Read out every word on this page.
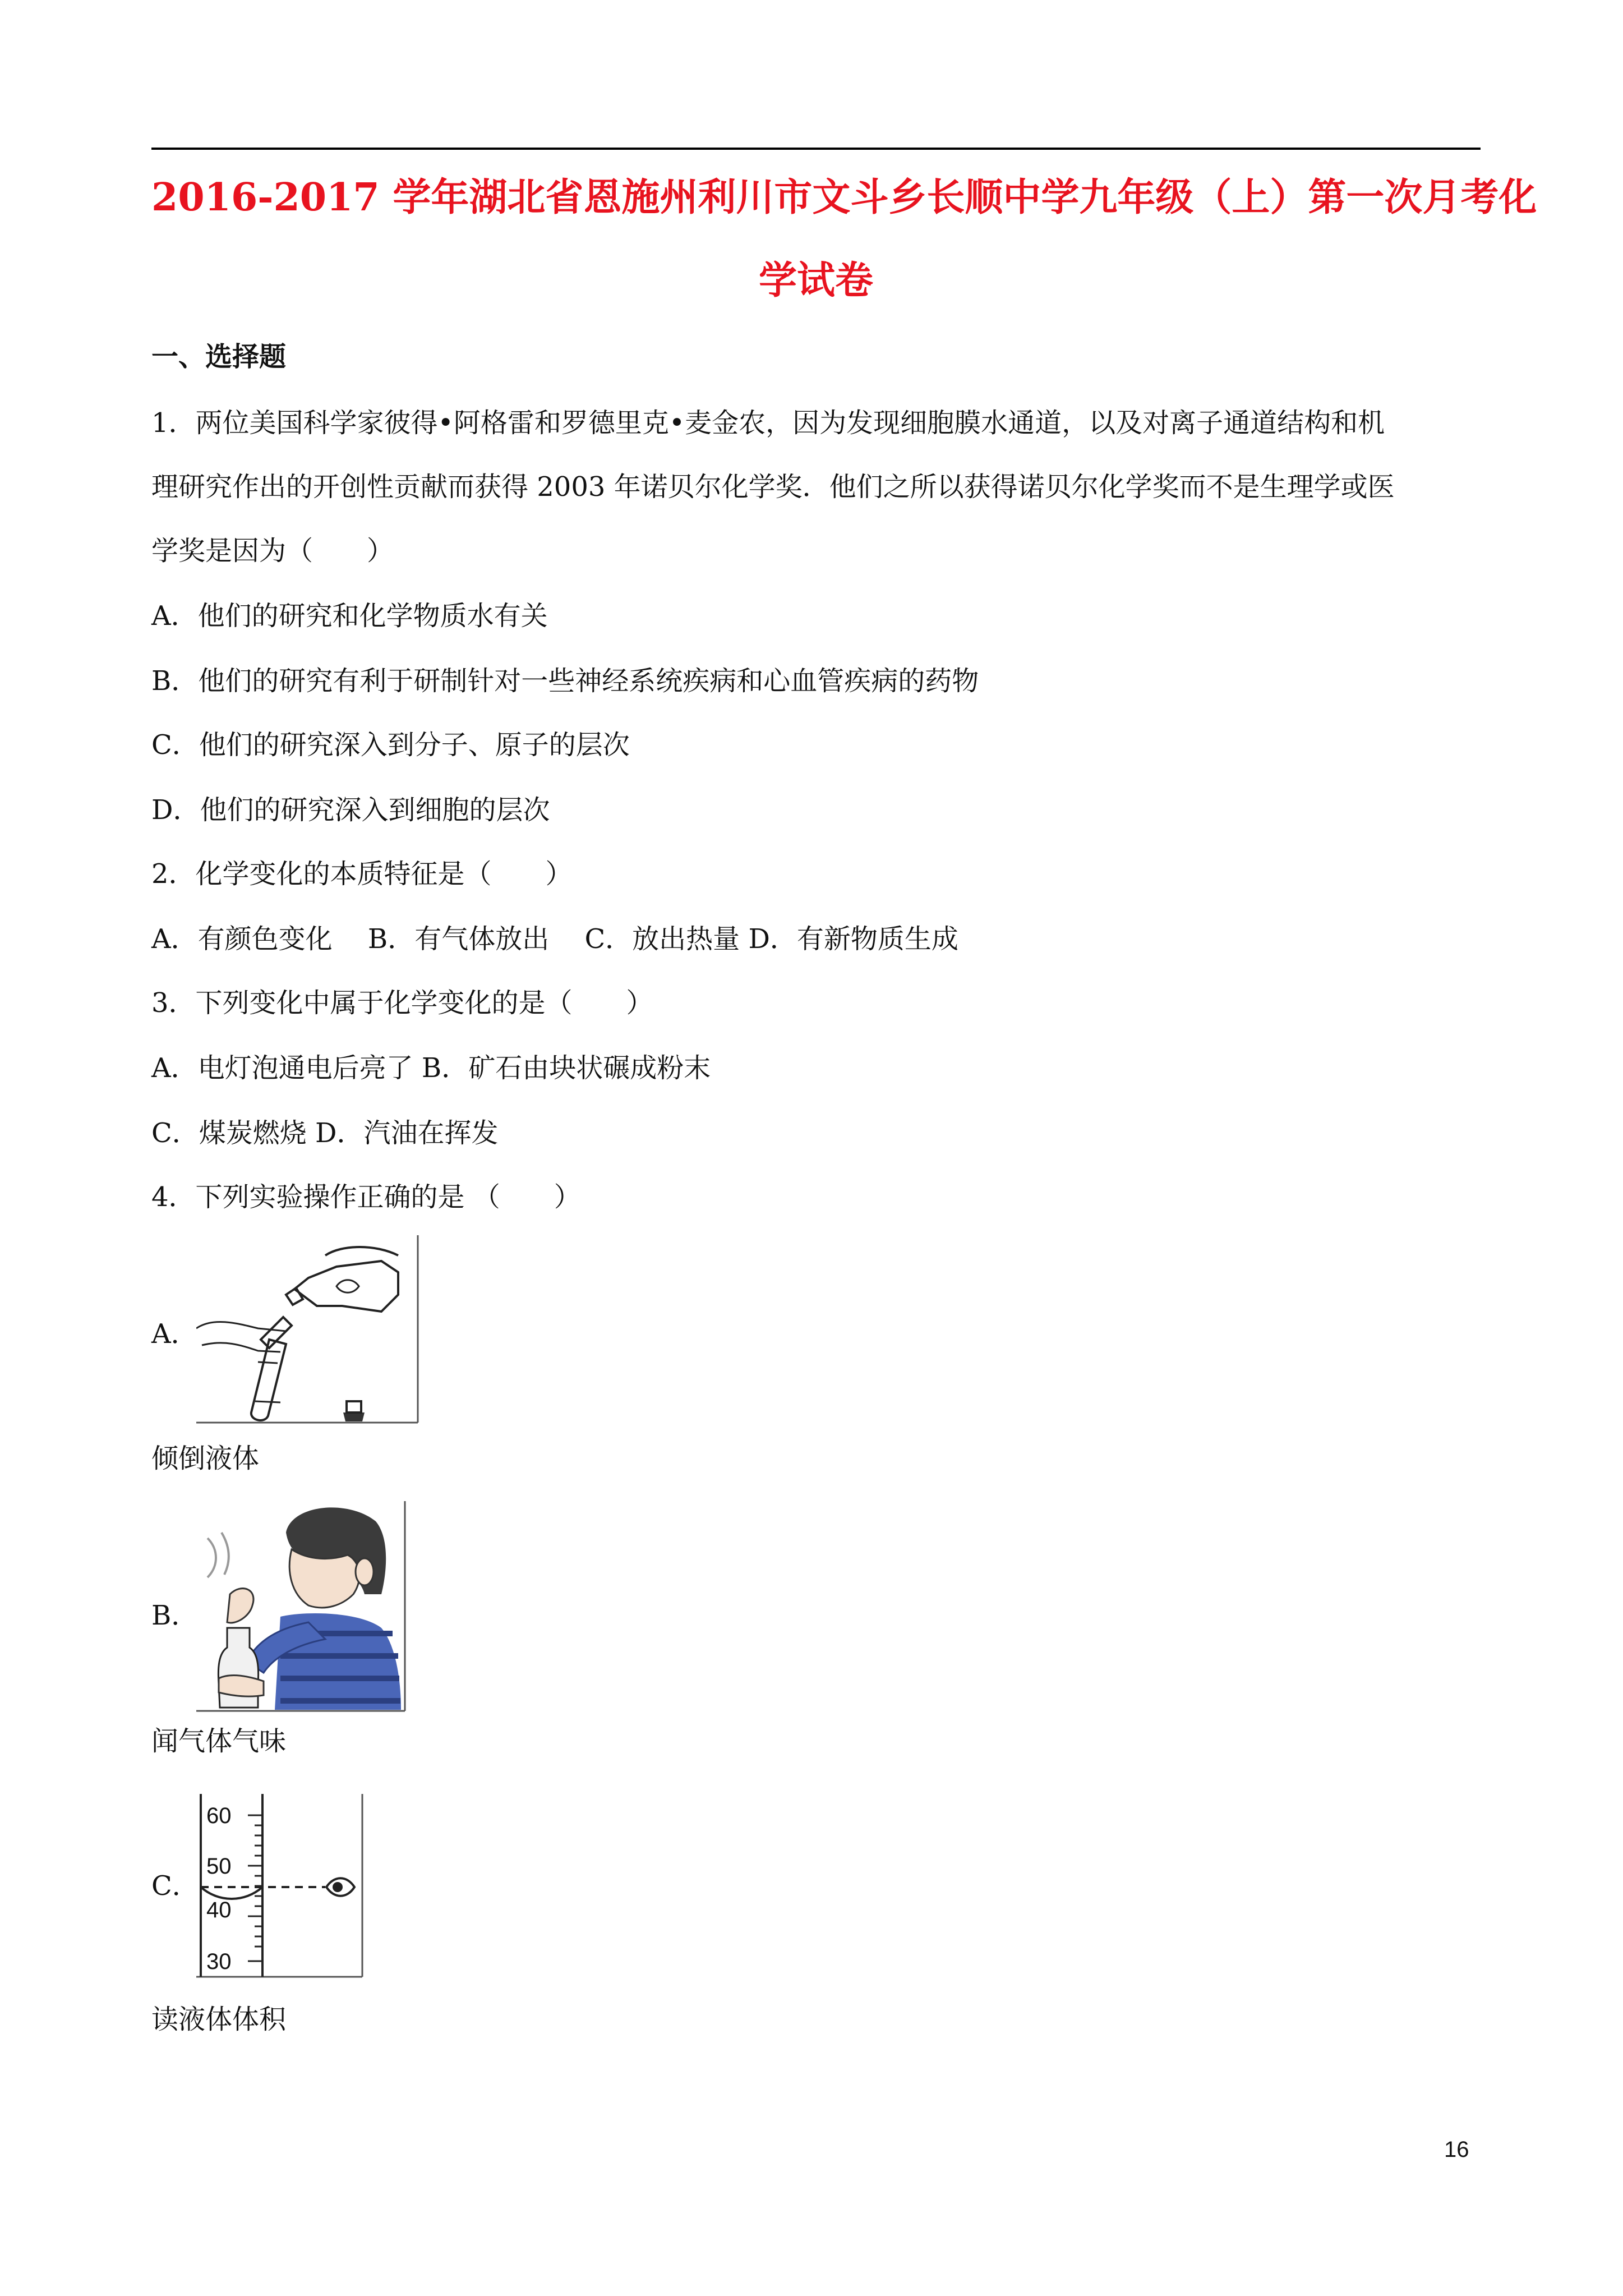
2016-2017 学年湖北省恩施州利川市文斗乡长顺中学九年级（上）第一次月考化
学试卷
一、选择题
1．两位美国科学家彼得•阿格雷和罗德里克•麦金农，因为发现细胞膜水通道，以及对离子通道结构和机
理研究作出的开创性贡献而获得 2003 年诺贝尔化学奖．他们之所以获得诺贝尔化学奖而不是生理学或医
学奖是因为（　　）
A．他们的研究和化学物质水有关
B．他们的研究有利于研制针对一些神经系统疾病和心血管疾病的药物
C．他们的研究深入到分子、原子的层次
D．他们的研究深入到细胞的层次
2．化学变化的本质特征是（　　）
A．有颜色变化　 B．有气体放出　 C．放出热量 D．有新物质生成
3．下列变化中属于化学变化的是（　　）
A．电灯泡通电后亮了 B．矿石由块状碾成粉末
C．煤炭燃烧 D．汽油在挥发
4．下列实验操作正确的是 （　　）
A．
倾倒液体
B．
闻气体气味
C．
60
50
40
30
读液体体积
16
